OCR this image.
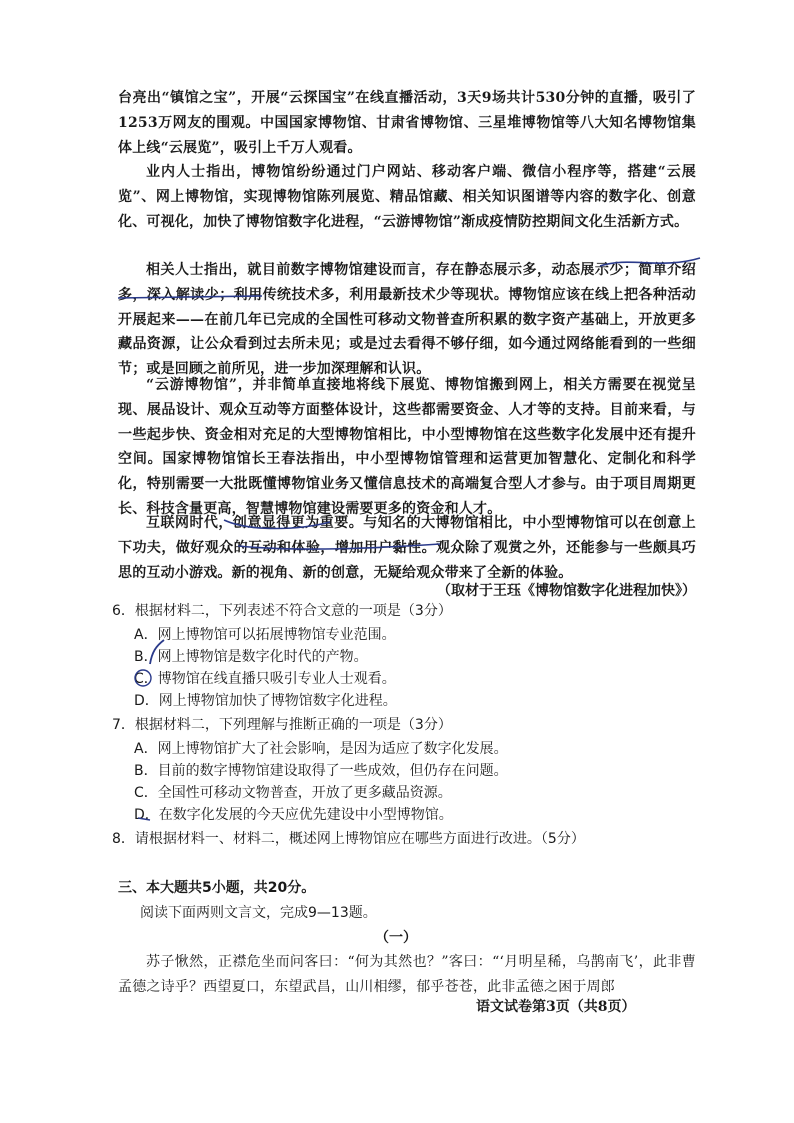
台亮出“镇馆之宝”，开展“云探国宝”在线直播活动，3天9场共计530分钟的直播，吸引了1253万网友的围观。中国国家博物馆、甘肃省博物馆、三星堆博物馆等八大知名博物馆集体上线“云展览”，吸引上千万人观看。

业内人士指出，博物馆纷纷通过门户网站、移动客户端、微信小程序等，搭建“云展览”、网上博物馆，实现博物馆陈列展览、精品馆藏、相关知识图谱等内容的数字化、创意化、可视化，加快了博物馆数字化进程，“云游博物馆”渐成疫情防控期间文化生活新方式。

相关人士指出，就目前数字博物馆建设而言，存在静态展示多，动态展示少；简单介绍多，深入解读少；利用传统技术多，利用最新技术少等现状。博物馆应该在线上把各种活动开展起来——在前几年已完成的全国性可移动文物普查所积累的数字资产基础上，开放更多藏品资源，让公众看到过去所未见；或是过去看得不够仔细，如今通过网络能看到的一些细节；或是回顾之前所见，进一步加深理解和认识。

“云游博物馆”，并非简单直接地将线下展览、博物馆搬到网上，相关方需要在视觉呈现、展品设计、观众互动等方面整体设计，这些都需要资金、人才等的支持。目前来看，与一些起步快、资金相对充足的大型博物馆相比，中小型博物馆在这些数字化发展中还有提升空间。国家博物馆馆长王春法指出，中小型博物馆管理和运营更加智慧化、定制化和科学化，特别需要一大批既懂博物馆业务又懂信息技术的高端复合型人才参与。由于项目周期更长、科技含量更高，智慧博物馆建设需要更多的资金和人才。

互联网时代，创意显得更为重要。与知名的大博物馆相比，中小型博物馆可以在创意上下功夫，做好观众的互动和体验，增加用户黏性。观众除了观赏之外，还能参与一些颇具巧思的互动小游戏。新的视角、新的创意，无疑给观众带来了全新的体验。

（取材于王珏《博物馆数字化进程加快》）
6．根据材料二，下列表述不符合文意的一项是（3分）
A．网上博物馆可以拓展博物馆专业范围。
B．网上博物馆是数字化时代的产物。
C．博物馆在线直播只吸引专业人士观看。
D．网上博物馆加快了博物馆数字化进程。
7．根据材料二，下列理解与推断正确的一项是（3分）
A．网上博物馆扩大了社会影响，是因为适应了数字化发展。
B．目前的数字博物馆建设取得了一些成效，但仍存在问题。
C．全国性可移动文物普查，开放了更多藏品资源。
D．在数字化发展的今天应优先建设中小型博物馆。
8．请根据材料一、材料二，概述网上博物馆应在哪些方面进行改进。（5分）
三、本大题共5小题，共20分。
阅读下面两则文言文，完成9—13题。
（一）

苏子愀然，正襟危坐而问客曰：“何为其然也？”客曰：“‘月明星稀，乌鹊南飞’，此非曹孟德之诗乎？西望夏口，东望武昌，山川相缪，郁乎苍苍，此非孟德之困于周郎

语文试卷第3页（共8页）
